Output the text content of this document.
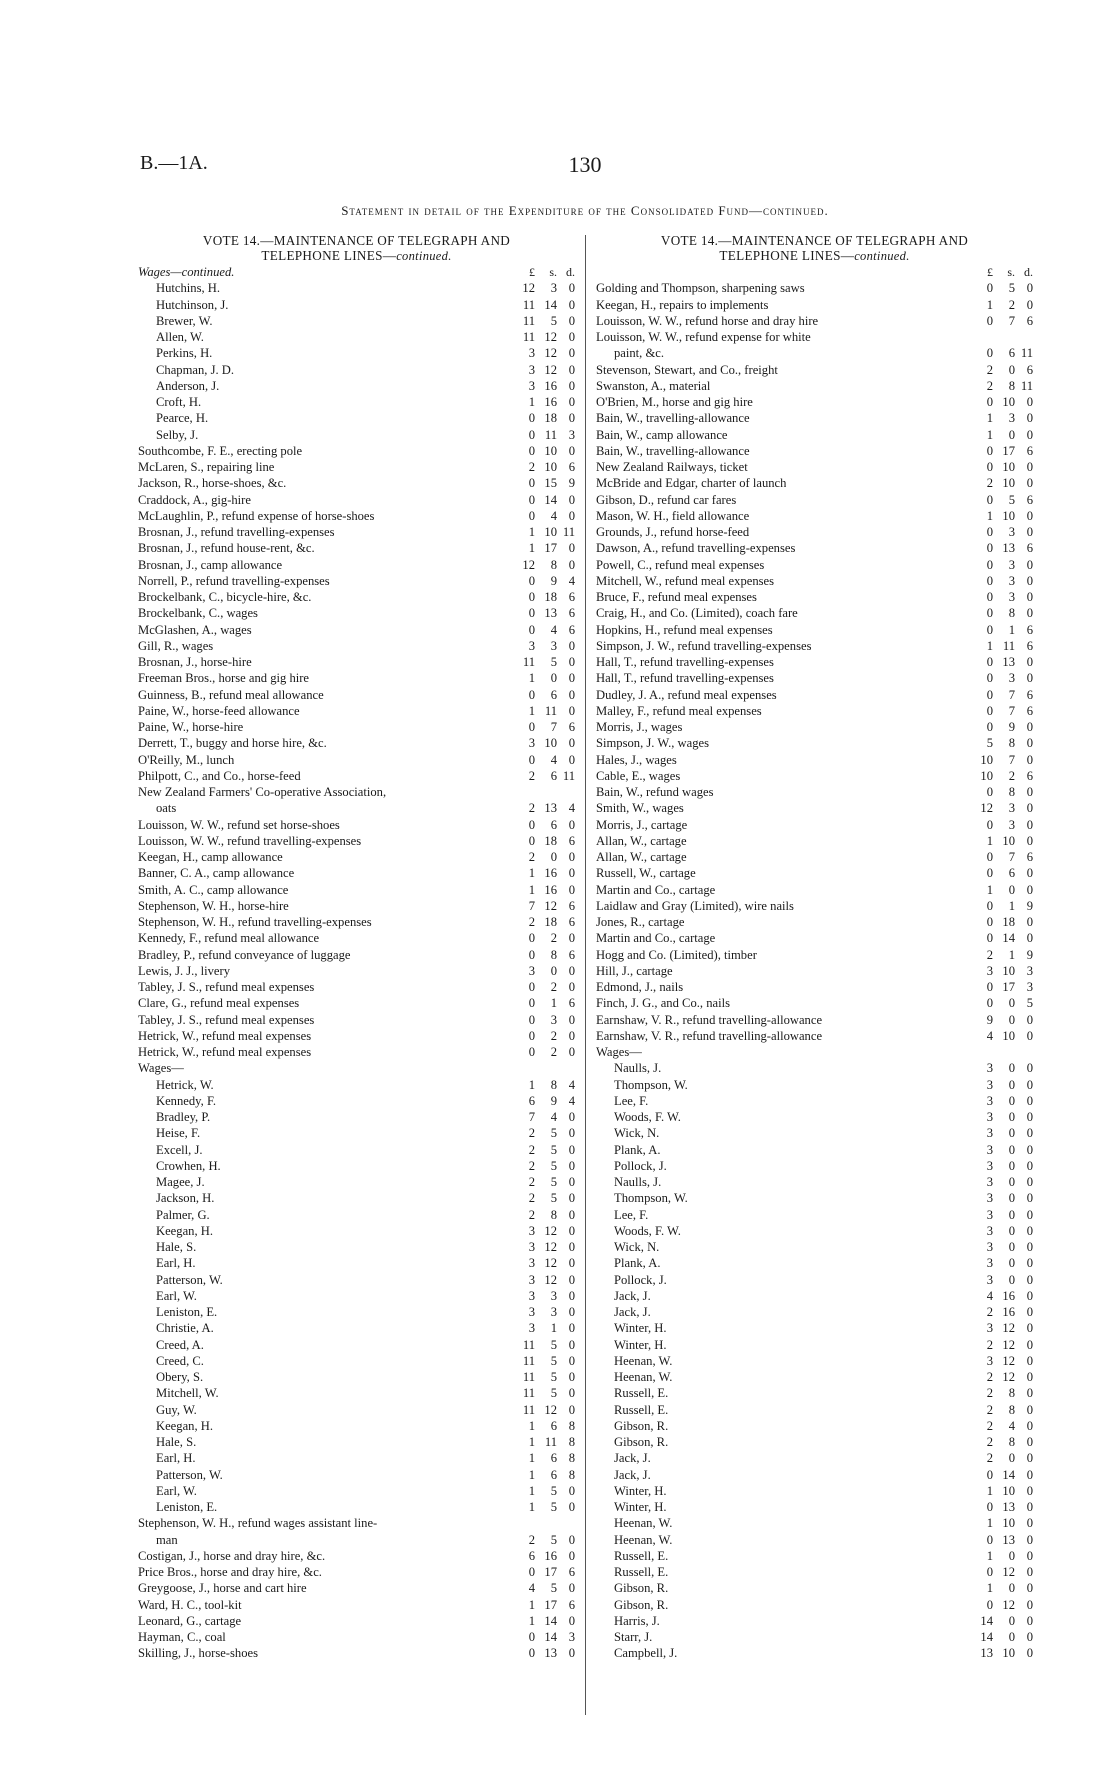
B.—1A.	130
Statement in detail of the Expenditure of the Consolidated Fund—continued.
VOTE 14.—MAINTENANCE OF TELEGRAPH AND
TELEPHONE LINES—continued.
Wages—continued.	£	s. d.
Hutchins, H.	12	3 0
Hutchinson, J.	11 14 0
Brewer, W.	11	5 0
Allen, W.	11 12 0
Perkins, H.	3 12 0
Chapman, J. D.	3 12 0
Anderson, J.	3 16 0
Croft, H.	1 16 0
Pearce, H.	0 18 0
Selby, J.	0 11 3
Southcombe, F. E., erecting pole	0 10 0
McLaren, S., repairing line	2 10 6
Jackson, R., horse-shoes, &c.	0 15 9
Craddock, A., gig-hire	0 14 0
McLaughlin, P., refund expense of horse-shoes	0	4 0
Brosnan, J., refund travelling-expenses	1 10 11
Brosnan, J., refund house-rent, &c.	1 17 0
Brosnan, J., camp allowance	12	8 0
Norrell, P., refund travelling-expenses	0	9 4
Brockelbank, C., bicycle-hire, &c.	0 18 6
Brockelbank, C., wages	0 13 6
McGlashen, A., wages	0	4 6
Gill, R., wages	3	3 0
Brosnan, J., horse-hire	11	5 0
Freeman Bros., horse and gig hire	1	0 0
Guinness, B., refund meal allowance	0	6 0
Paine, W., horse-feed allowance	1 11 0
Paine, W., horse-hire	0	7 6
Derrett, T., buggy and horse hire, &c.	3 10 0
O'Reilly, M., lunch	0	4 0
Philpott, C., and Co., horse-feed	2	6 11
New Zealand Farmers' Co-operative Association,
oats	2 13 4
Louisson, W. W., refund set horse-shoes	0	6 0
Louisson, W. W., refund travelling-expenses	0 18 6
Keegan, H., camp allowance	2	0 0
Banner, C. A., camp allowance	1 16 0
Smith, A. C., camp allowance	1 16 0
Stephenson, W. H., horse-hire	7 12 6
Stephenson, W. H., refund travelling-expenses	2 18 6
Kennedy, F., refund meal allowance	0	2 0
Bradley, P., refund conveyance of luggage	0	8 6
Lewis, J. J., livery	3	0 0
Tabley, J. S., refund meal expenses	0	2 0
Clare, G., refund meal expenses	0	1 6
Tabley, J. S., refund meal expenses	0	3 0
Hetrick, W., refund meal expenses	0	2 0
Hetrick, W., refund meal expenses	0	2 0
Wages—
Hetrick, W.	1	8 4
Kennedy, F.	6	9 4
Bradley, P.	7	4 0
Heise, F.	2	5 0
Excell, J.	2	5 0
Crowhen, H.	2	5 0
Magee, J.	2	5 0
Jackson, H.	2	5 0
Palmer, G.	2	8 0
Keegan, H.	3 12 0
Hale, S.	3 12 0
Earl, H.	3 12 0
Patterson, W.	3 12 0
Earl, W.	3	3 0
Leniston, E.	3	3 0
Christie, A.	3	1 0
Creed, A.	11	5 0
Creed, C.	11	5 0
Obery, S.	11	5 0
Mitchell, W.	11	5 0
Guy, W.	11 12 0
Keegan, H.	1	6 8
Hale, S.	1 11 8
Earl, H.	1	6 8
Patterson, W.	1	6 8
Earl, W.	1	5 0
Leniston, E.	1	5 0
Stephenson, W. H., refund wages assistant line-
man	2	5 0
Costigan, J., horse and dray hire, &c.	6 16 0
Price Bros., horse and dray hire, &c.	0 17 6
Greygoose, J., horse and cart hire	4	5 0
Ward, H. C., tool-kit	1 17 6
Leonard, G., cartage	1 14 0
Hayman, C., coal	0 14 3
Skilling, J., horse-shoes	0 13 0
VOTE 14.—MAINTENANCE OF TELEGRAPH AND
TELEPHONE LINES—continued.
£	s. d.
Golding and Thompson, sharpening saws	0	5 0
Keegan, H., repairs to implements	1	2 0
Louisson, W. W., refund horse and dray hire	0	7 6
Louisson, W. W., refund expense for white
paint, &c.	0	6 11
Stevenson, Stewart, and Co., freight	2	0 6
Swanston, A., material	2	8 11
O'Brien, M., horse and gig hire	0 10 0
Bain, W., travelling-allowance	1	3 0
Bain, W., camp allowance	1	0 0
Bain, W., travelling-allowance	0 17 6
New Zealand Railways, ticket	0 10 0
McBride and Edgar, charter of launch	2 10 0
Gibson, D., refund car fares	0	5 6
Mason, W. H., field allowance	1 10 0
Grounds, J., refund horse-feed	0	3 0
Dawson, A., refund travelling-expenses	0 13 6
Powell, C., refund meal expenses	0	3 0
Mitchell, W., refund meal expenses	0	3 0
Bruce, F., refund meal expenses	0	3 0
Craig, H., and Co. (Limited), coach fare	0	8 0
Hopkins, H., refund meal expenses	0	1 6
Simpson, J. W., refund travelling-expenses	1 11 6
Hall, T., refund travelling-expenses	0 13 0
Hall, T., refund travelling-expenses	0	3 0
Dudley, J. A., refund meal expenses	0	7 6
Malley, F., refund meal expenses	0	7 6
Morris, J., wages	0	9 0
Simpson, J. W., wages	5	8 0
Hales, J., wages	10	7 0
Cable, E., wages	10	2 6
Bain, W., refund wages	0	8 0
Smith, W., wages	12	3 0
Morris, J., cartage	0	3 0
Allan, W., cartage	1 10 0
Allan, W., cartage	0	7 6
Russell, W., cartage	0	6 0
Martin and Co., cartage	1	0 0
Laidlaw and Gray (Limited), wire nails	0	1 9
Jones, R., cartage	0 18 0
Martin and Co., cartage	0 14 0
Hogg and Co. (Limited), timber	2	1 9
Hill, J., cartage	3 10 3
Edmond, J., nails	0 17 3
Finch, J. G., and Co., nails	0	0 5
Earnshaw, V. R., refund travelling-allowance	9	0 0
Earnshaw, V. R., refund travelling-allowance	4 10 0
Wages—
Naulls, J.	3	0 0
Thompson, W.	3	0 0
Lee, F.	3	0 0
Woods, F. W.	3	0 0
Wick, N.	3	0 0
Plank, A.	3	0 0
Pollock, J.	3	0 0
Naulls, J.	3	0 0
Thompson, W.	3	0 0
Lee, F.	3	0 0
Woods, F. W.	3	0 0
Wick, N.	3	0 0
Plank, A.	3	0 0
Pollock, J.	3	0 0
Jack, J.	4 16 0
Jack, J.	2 16 0
Winter, H.	3 12 0
Winter, H.	2 12 0
Heenan, W.	3 12 0
Heenan, W.	2 12 0
Russell, E.	2	8 0
Russell, E.	2	8 0
Gibson, R.	2	4 0
Gibson, R.	2	8 0
Jack, J.	2	0 0
Jack, J.	0 14 0
Winter, H.	1 10 0
Winter, H.	0 13 0
Heenan, W.	1 10 0
Heenan, W.	0 13 0
Russell, E.	1	0 0
Russell, E.	0 12 0
Gibson, R.	1	0 0
Gibson, R.	0 12 0
Harris, J.	14	0 0
Starr, J.	14	0 0
Campbell, J.	13 10 0
